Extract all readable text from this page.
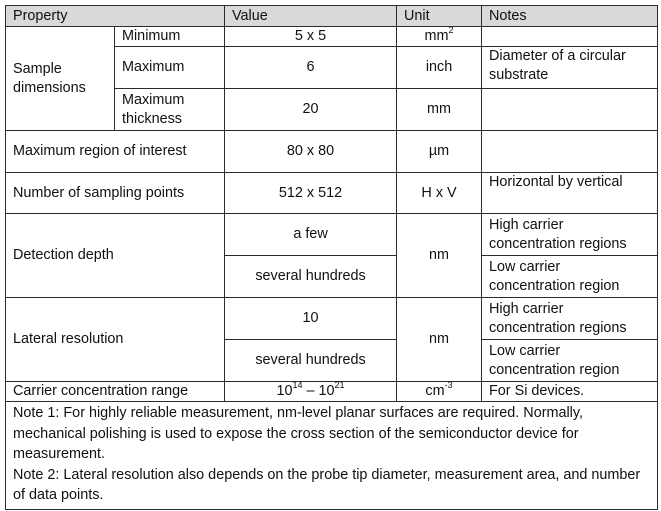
Property		Value	Unit	Notes
Sample dimensions	Minimum	5 x 5	$mm^2$	
	Maximum	6	inch	Diameter of a circular substrate
	Maximum thickness	20	mm	
Maximum region of interest		80 x 80	µm	
Number of sampling points		512 x 512	H x V	Horizontal by vertical
Detection depth		a few	nm	High carrier concentration regions
		several hundreds		Low carrier concentration region
Lateral resolution		10	nm	High carrier concentration regions
		several hundreds		Low carrier concentration region
Carrier concentration range		$10^{14} - 10^{21}$	$cm^{-3}$	For Si devices.

Note 1: For highly reliable measurement, nm-level planar surfaces are required. Normally, mechanical polishing is used to expose the cross section of the semiconductor device for measurement.
Note 2: Lateral resolution also depends on the probe tip diameter, measurement area, and number of data points.				
